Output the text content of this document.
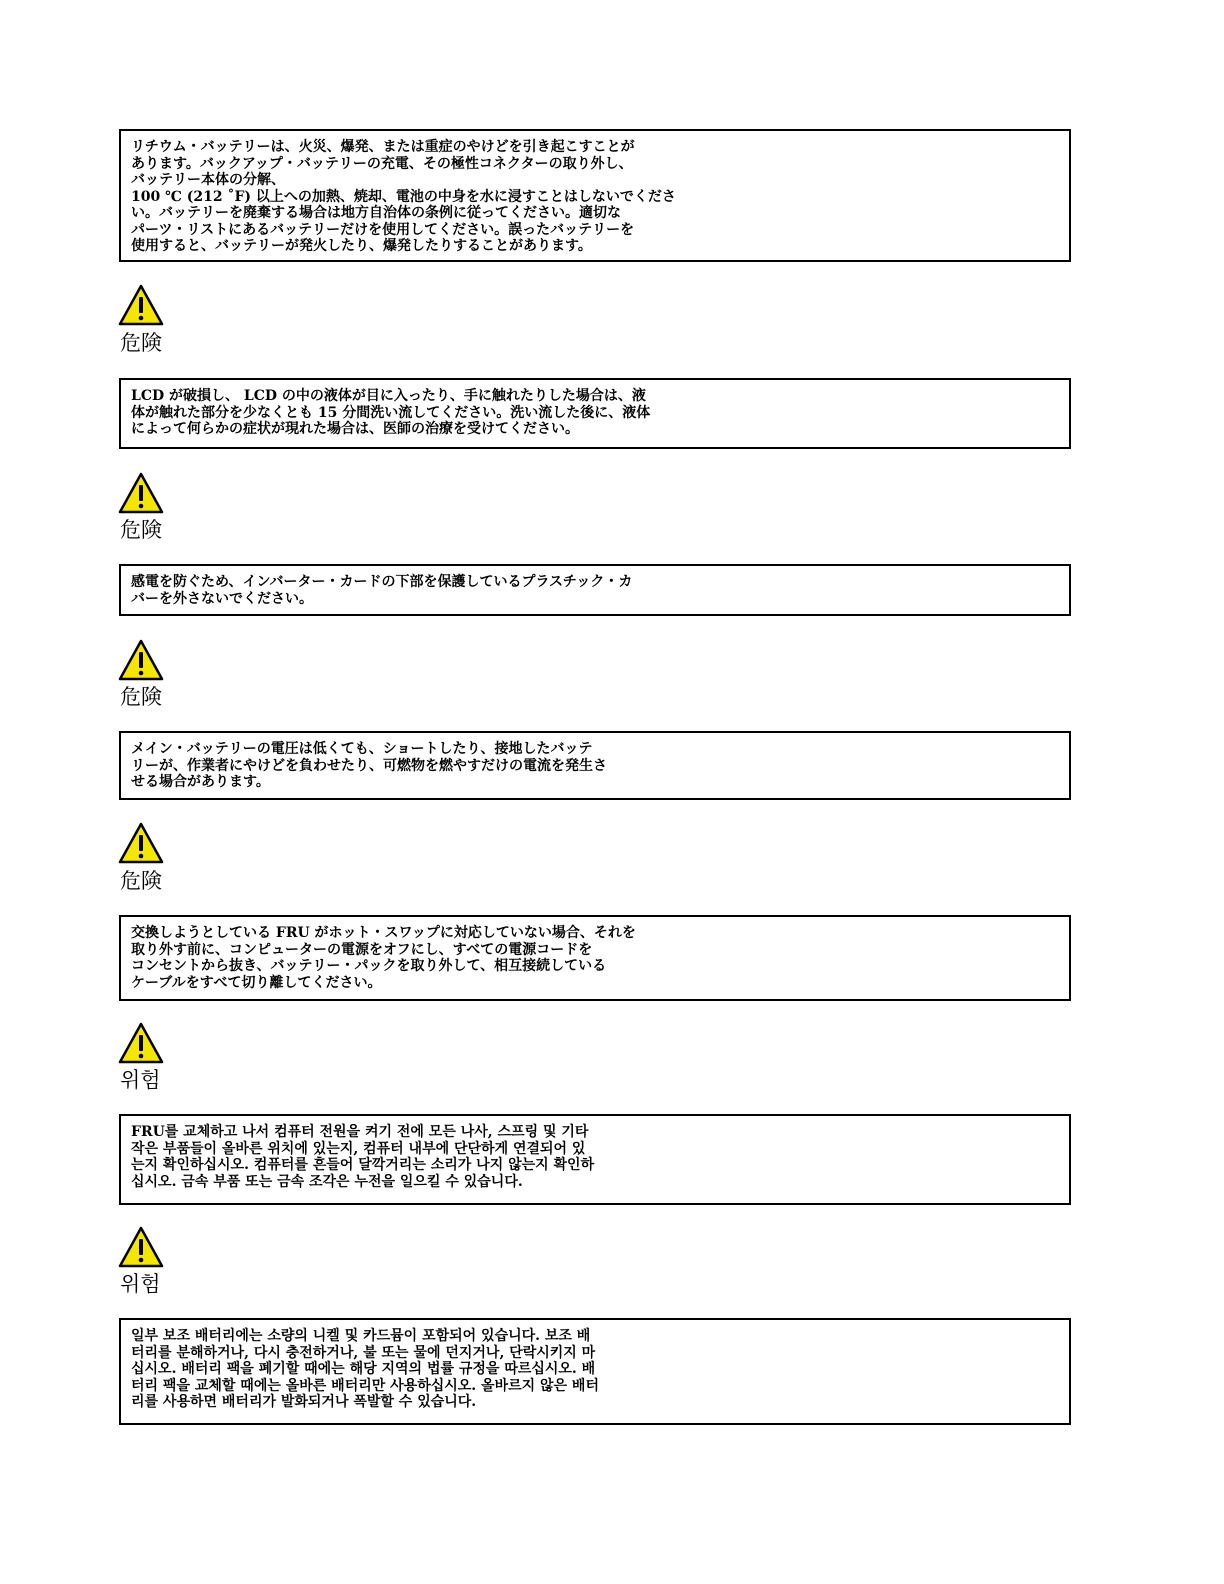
リチウム・バッテリーは、火災、爆発、または重症のやけどを引き起こすことが
あります。バックアップ・バッテリーの充電、その極性コネクターの取り外し、
バッテリー本体の分解、
100 ℃ (212 ˚F) 以上への加熱、焼却、電池の中身を水に浸すことはしないでくださ
い。バッテリーを廃棄する場合は地方自治体の条例に従ってください。適切な
パーツ・リストにあるバッテリーだけを使用してください。誤ったバッテリーを
使用すると、バッテリーが発火したり、爆発したりすることがあります。
危険
LCD が破損し、 LCD の中の液体が目に入ったり、手に触れたりした場合は、液
体が触れた部分を少なくとも 15 分間洗い流してください。洗い流した後に、液体
によって何らかの症状が現れた場合は、医師の治療を受けてください。
危険
感電を防ぐため、インバーター・カードの下部を保護しているプラスチック・カ
バーを外さないでください。
危険
メイン・バッテリーの電圧は低くても、ショートしたり、接地したバッテ
リーが、作業者にやけどを負わせたり、可燃物を燃やすだけの電流を発生さ
せる場合があります。
危険
交換しようとしている FRU がホット・スワップに対応していない場合、それを
取り外す前に、コンピューターの電源をオフにし、すべての電源コードを
コンセントから抜き、バッテリー・パックを取り外して、相互接続している
ケーブルをすべて切り離してください。
위험
FRU를 교체하고 나서 컴퓨터 전원을 켜기 전에 모든 나사, 스프링 및 기타
작은 부품들이 올바른 위치에 있는지, 컴퓨터 내부에 단단하게 연결되어 있
는지 확인하십시오. 컴퓨터를 흔들어 달깍거리는 소리가 나지 않는지 확인하
십시오. 금속 부품 또는 금속 조각은 누전을 일으킬 수 있습니다.
위험
일부 보조 배터리에는 소량의 니켈 및 카드뮴이 포함되어 있습니다. 보조 배
터리를 분해하거나, 다시 충전하거나, 불 또는 물에 던지거나, 단락시키지 마
십시오. 배터리 팩을 폐기할 때에는 해당 지역의 법률 규정을 따르십시오. 배
터리 팩을 교체할 때에는 올바른 배터리만 사용하십시오. 올바르지 않은 배터
리를 사용하면 배터리가 발화되거나 폭발할 수 있습니다.
